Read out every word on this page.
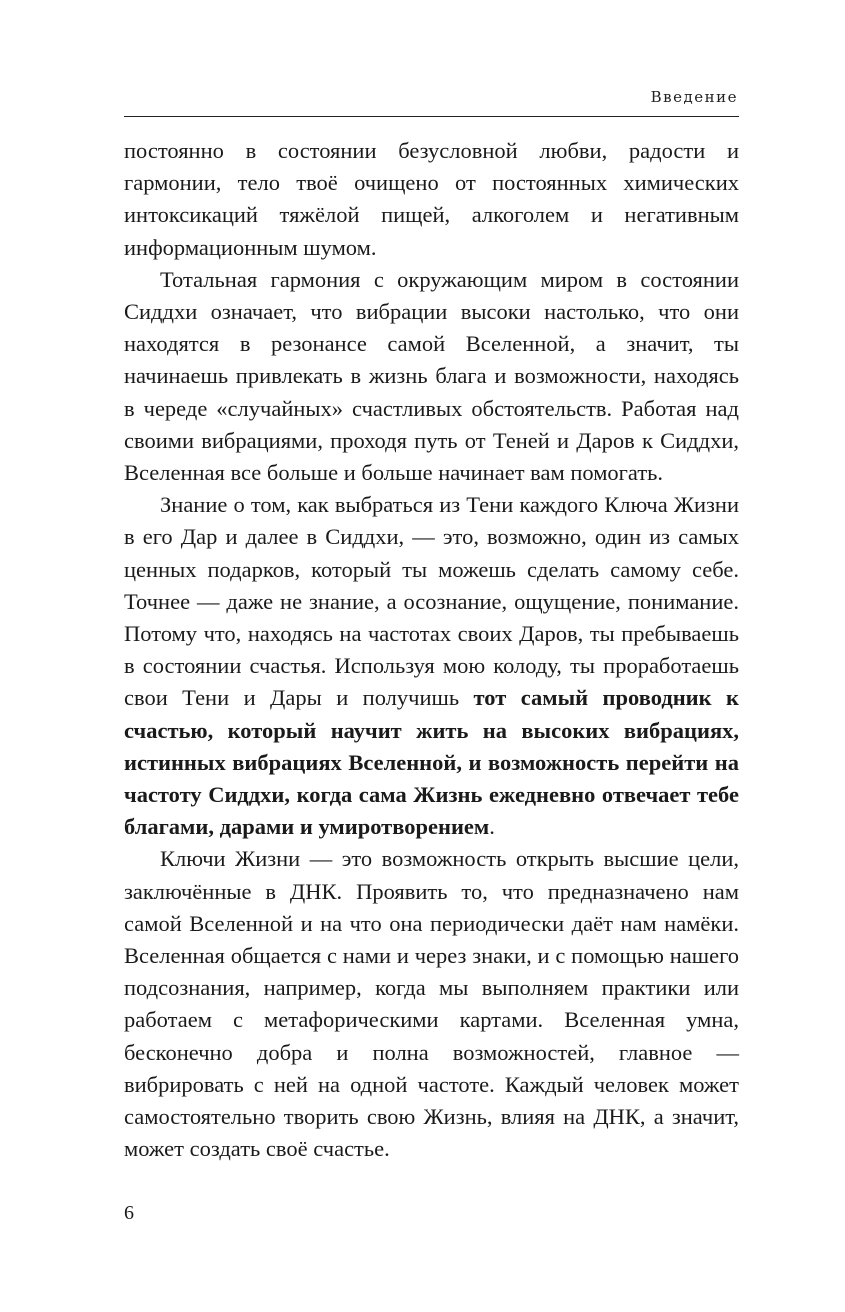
Введение

постоянно в состоянии безусловной любви, радости и гармонии, тело твоё очищено от постоянных химических интоксикаций тяжёлой пищей, алкоголем и негативным информационным шумом.

Тотальная гармония с окружающим миром в состоянии Сиддхи означает, что вибрации высоки настолько, что они находятся в резонансе самой Вселенной, а значит, ты начинаешь привлекать в жизнь блага и возможности, находясь в череде «случайных» счастливых обстоятельств. Работая над своими вибрациями, проходя путь от Теней и Даров к Сиддхи, Вселенная все больше и больше начинает вам помогать.

Знание о том, как выбраться из Тени каждого Ключа Жизни в его Дар и далее в Сиддхи, — это, возможно, один из самых ценных подарков, который ты можешь сделать самому себе. Точнее — даже не знание, а осознание, ощущение, понимание. Потому что, находясь на частотах своих Даров, ты пребываешь в состоянии счастья. Используя мою колоду, ты проработаешь свои Тени и Дары и получишь тот самый проводник к счастью, который научит жить на высоких вибрациях, истинных вибрациях Вселенной, и возможность перейти на частоту Сиддхи, когда сама Жизнь ежедневно отвечает тебе благами, дарами и умиротворением.

Ключи Жизни — это возможность открыть высшие цели, заключённые в ДНК. Проявить то, что предназначено нам самой Вселенной и на что она периодически даёт нам намёки. Вселенная общается с нами и через знаки, и с помощью нашего подсознания, например, когда мы выполняем практики или работаем с метафорическими картами. Вселенная умна, бесконечно добра и полна возможностей, главное — вибрировать с ней на одной частоте. Каждый человек может самостоятельно творить свою Жизнь, влияя на ДНК, а значит, может создать своё счастье.

6
